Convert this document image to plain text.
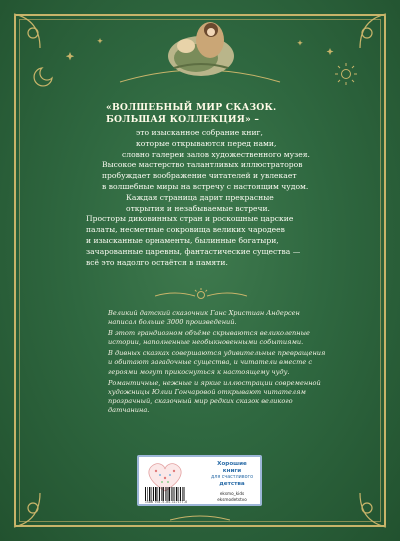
«ВОЛШЕБНЫЙ МИР СКАЗОК.
БОЛЬШАЯ КОЛЛЕКЦИЯ» –
это изысканное собрание книг,
которые открываются перед нами,
словно галереи залов художественного музея.
Высокое мастерство талантливых иллюстраторов
пробуждает воображение читателей и увлекает
в волшебные миры на встречу с настоящим чудом.
Каждая страница дарит прекрасные
открытия и незабываемые встречи.
Просторы диковинных стран и роскошные царские
палаты, несметные сокровища великих чародеев
и изысканные орнаменты, былинные богатыри,
зачарованные царевны, фантастические существа —
всё это надолго остаётся в памяти.

Великий датский сказочник Ганс Христиан Андерсен написал больше 3000 произведений.

В этот грандиозном объёме скрываются великолепные истории, наполненные необыкновенными событиями.

В дивных сказках совершаются удивительные превращения и обитают загадочные существа, и читатели вместе с героями могут прикоснуться к настоящему чуду.

Романтичные, нежные и яркие иллюстрации современной художницы Юлии Гончаровой открывают читателям прозрачный, сказочный мир редких сказок великого датчанина.

ISBN 978-5-04-117177-6
Хорошие
книги
для счастливого
детства
eksmo_kids
eksmodetstvo
